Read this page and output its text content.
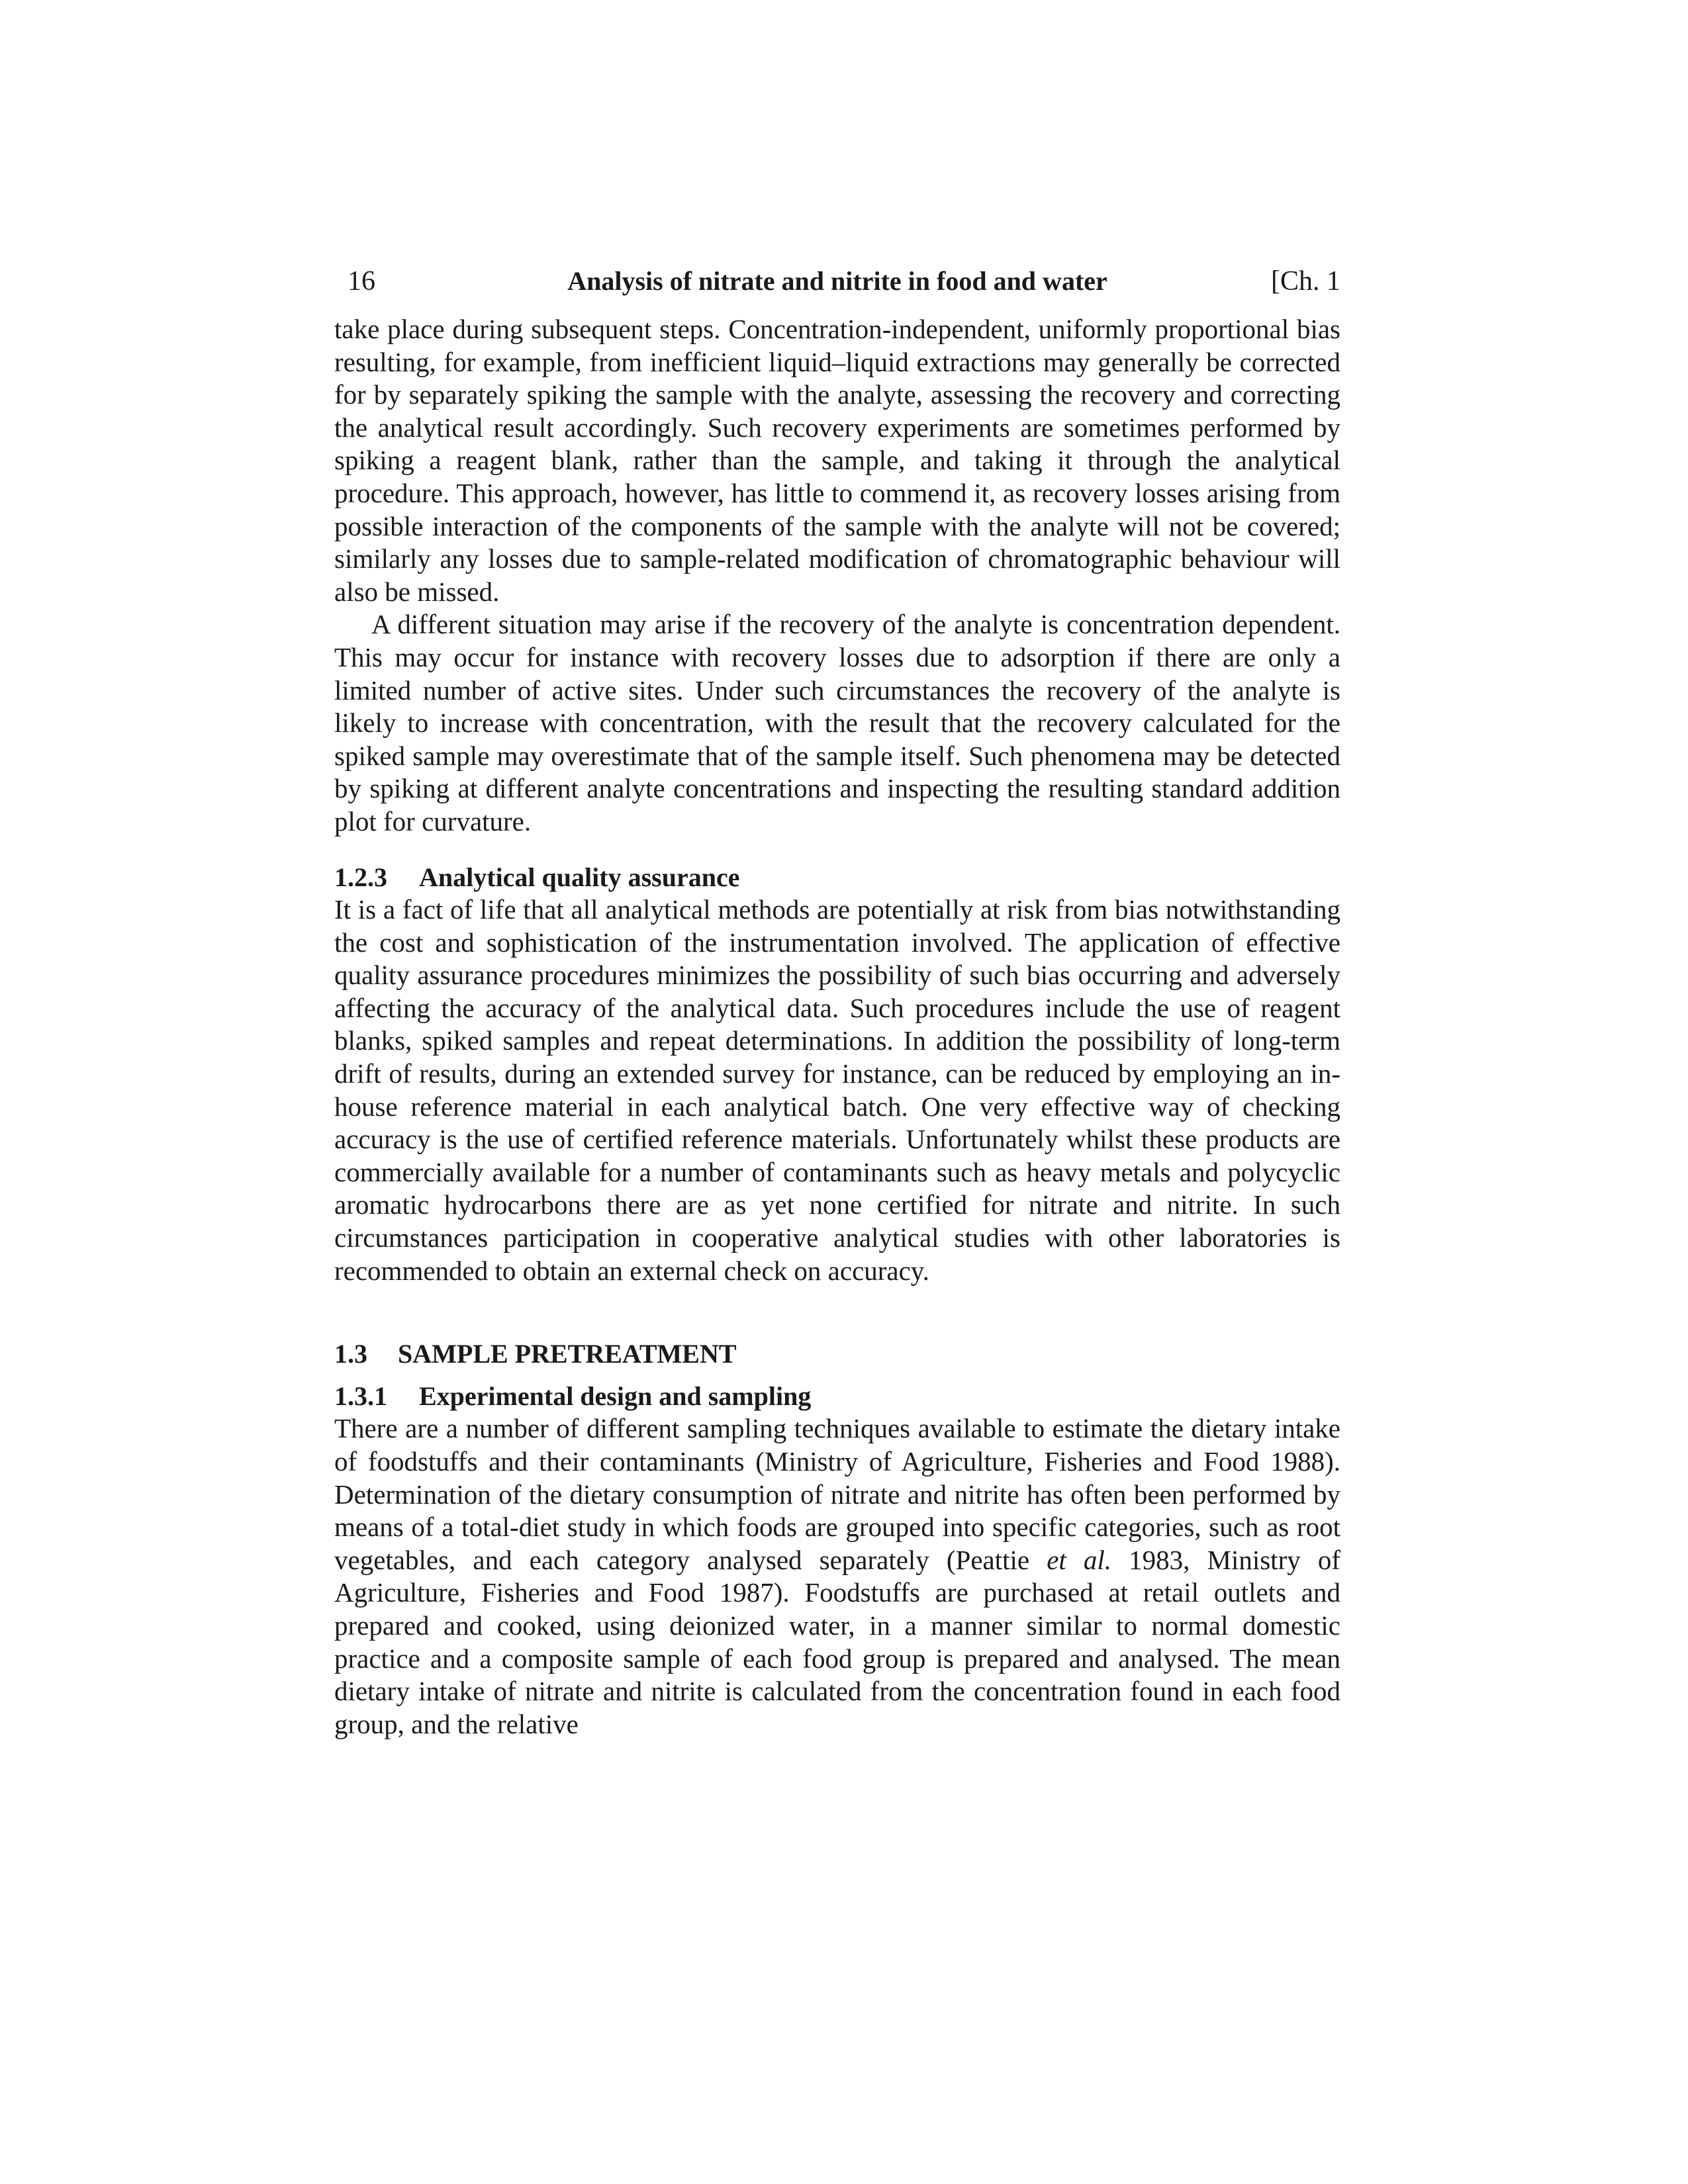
16	Analysis of nitrate and nitrite in food and water	[Ch. 1

take place during subsequent steps. Concentration-independent, uniformly proportional bias resulting, for example, from inefficient liquid–liquid extractions may generally be corrected for by separately spiking the sample with the analyte, assessing the recovery and correcting the analytical result accordingly. Such recovery experiments are sometimes performed by spiking a reagent blank, rather than the sample, and taking it through the analytical procedure. This approach, however, has little to commend it, as recovery losses arising from possible interaction of the components of the sample with the analyte will not be covered; similarly any losses due to sample-related modification of chromatographic behaviour will also be missed.

A different situation may arise if the recovery of the analyte is concentration dependent. This may occur for instance with recovery losses due to adsorption if there are only a limited number of active sites. Under such circumstances the recovery of the analyte is likely to increase with concentration, with the result that the recovery calculated for the spiked sample may overestimate that of the sample itself. Such phenomena may be detected by spiking at different analyte concentrations and inspecting the resulting standard addition plot for curvature.

1.2.3 Analytical quality assurance

It is a fact of life that all analytical methods are potentially at risk from bias notwithstanding the cost and sophistication of the instrumentation involved. The application of effective quality assurance procedures minimizes the possibility of such bias occurring and adversely affecting the accuracy of the analytical data. Such procedures include the use of reagent blanks, spiked samples and repeat determinations. In addition the possibility of long-term drift of results, during an extended survey for instance, can be reduced by employing an in-house reference material in each analytical batch. One very effective way of checking accuracy is the use of certified reference materials. Unfortunately whilst these products are commercially available for a number of contaminants such as heavy metals and polycyclic aromatic hydrocarbons there are as yet none certified for nitrate and nitrite. In such circumstances participation in cooperative analytical studies with other laboratories is recommended to obtain an external check on accuracy.

1.3 SAMPLE PRETREATMENT
1.3.1 Experimental design and sampling

There are a number of different sampling techniques available to estimate the dietary intake of foodstuffs and their contaminants (Ministry of Agriculture, Fisheries and Food 1988). Determination of the dietary consumption of nitrate and nitrite has often been performed by means of a total-diet study in which foods are grouped into specific categories, such as root vegetables, and each category analysed separately (Peattie et al. 1983, Ministry of Agriculture, Fisheries and Food 1987). Foodstuffs are purchased at retail outlets and prepared and cooked, using deionized water, in a manner similar to normal domestic practice and a composite sample of each food group is prepared and analysed. The mean dietary intake of nitrate and nitrite is calculated from the concentration found in each food group, and the relative
